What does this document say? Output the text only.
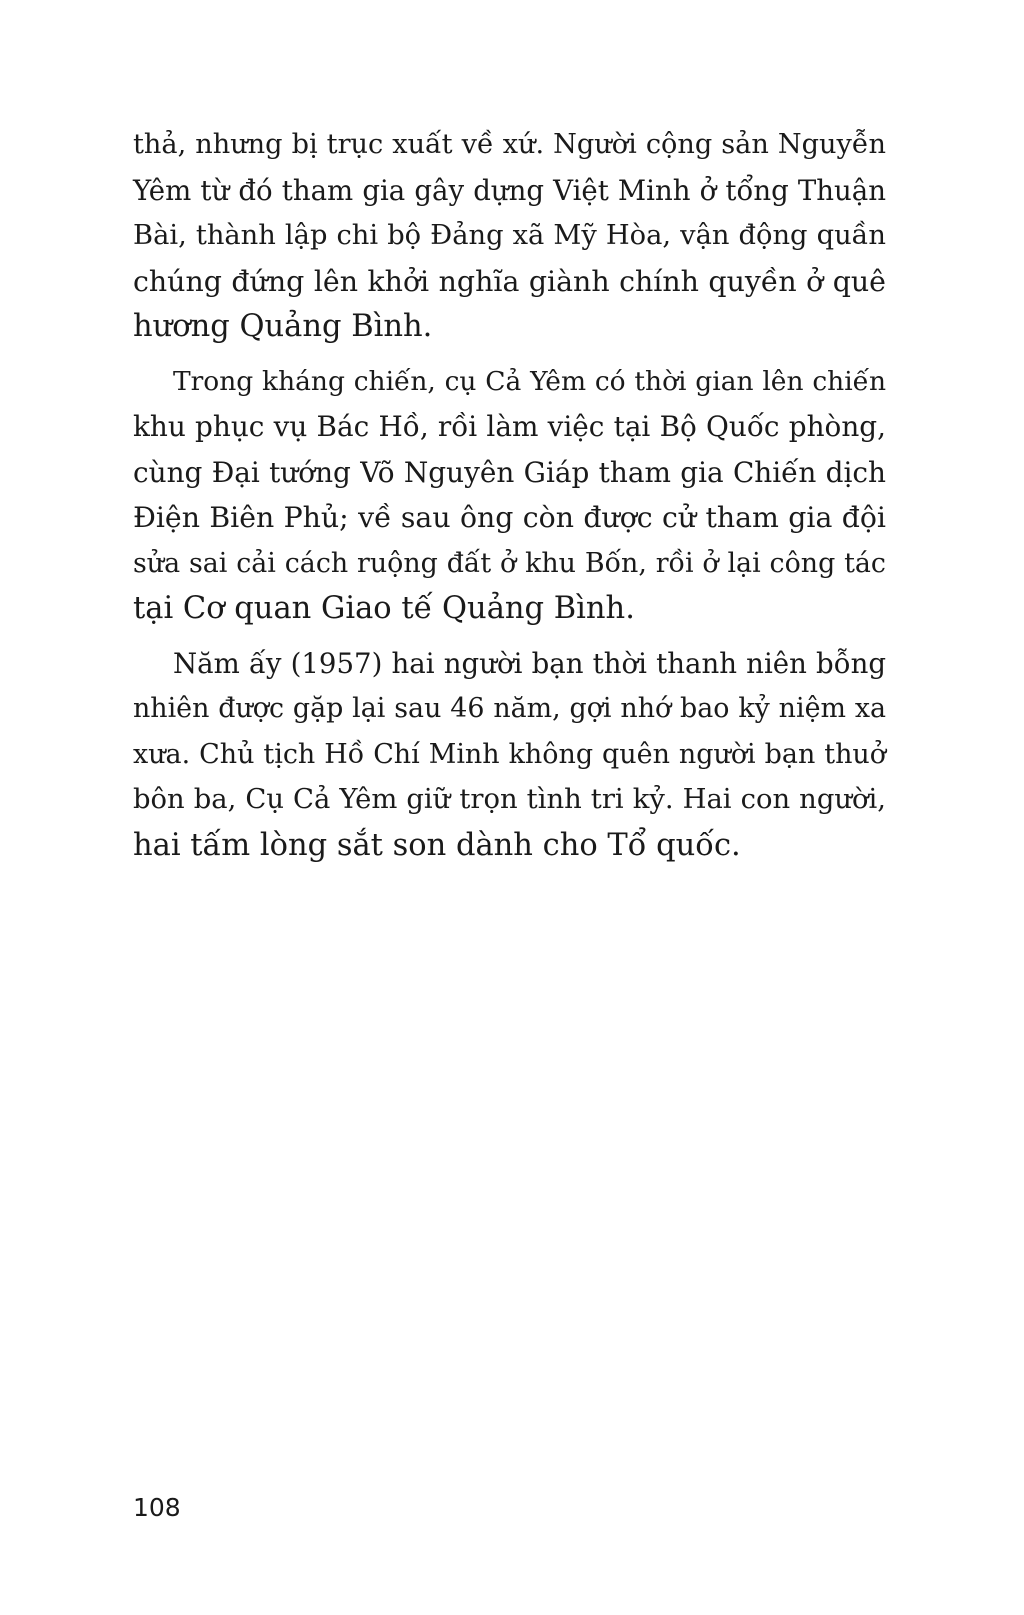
thả, nhưng bị trục xuất về xứ. Người cộng sản Nguyễn
Yêm từ đó tham gia gây dựng Việt Minh ở tổng Thuận
Bài, thành lập chi bộ Đảng xã Mỹ Hòa, vận động quần
chúng đứng lên khởi nghĩa giành chính quyền ở quê
hương Quảng Bình.
Trong kháng chiến, cụ Cả Yêm có thời gian lên chiến
khu phục vụ Bác Hồ, rồi làm việc tại Bộ Quốc phòng,
cùng Đại tướng Võ Nguyên Giáp tham gia Chiến dịch
Điện Biên Phủ; về sau ông còn được cử tham gia đội
sửa sai cải cách ruộng đất ở khu Bốn, rồi ở lại công tác
tại Cơ quan Giao tế Quảng Bình.
Năm ấy (1957) hai người bạn thời thanh niên bỗng
nhiên được gặp lại sau 46 năm, gợi nhớ bao kỷ niệm xa
xưa. Chủ tịch Hồ Chí Minh không quên người bạn thuở
bôn ba, Cụ Cả Yêm giữ trọn tình tri kỷ. Hai con người,
hai tấm lòng sắt son dành cho Tổ quốc.
108
